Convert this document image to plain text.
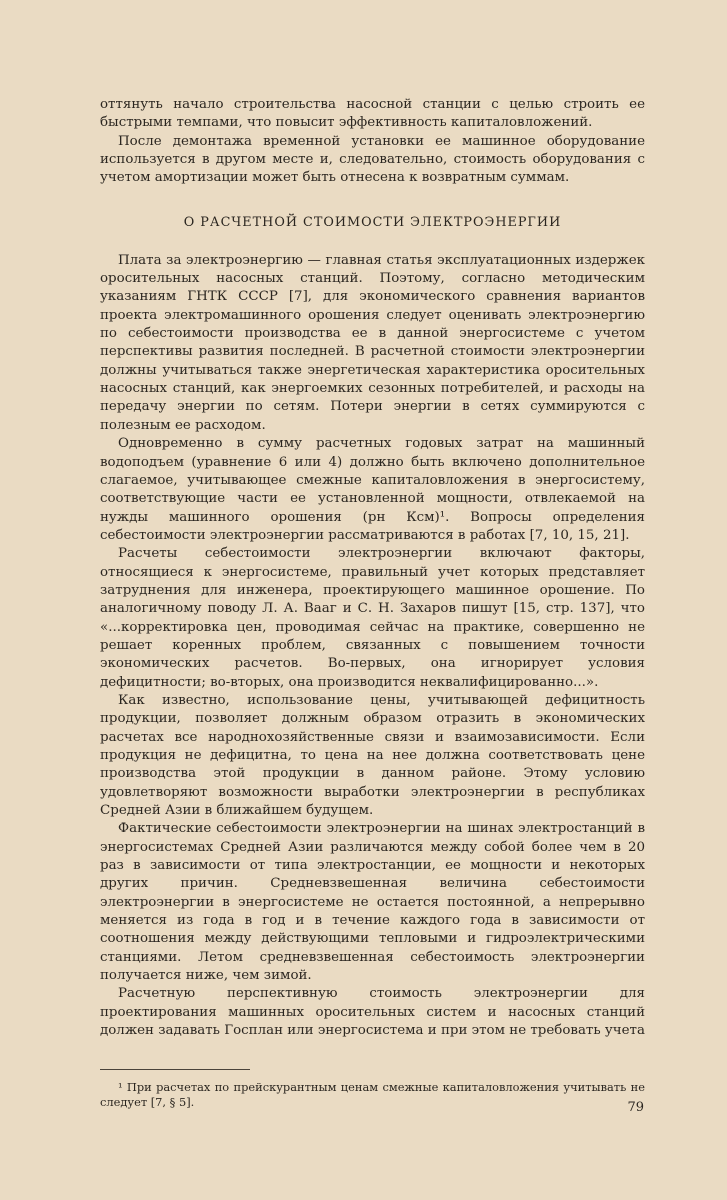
оттянуть начало строительства насосной станции с целью строить ее быстрыми темпами, что повысит эффективность капиталовложений.

После демонтажа временной установки ее машинное оборудование используется в другом месте и, следовательно, стоимость оборудования с учетом амортизации может быть отнесена к возвратным суммам.

О РАСЧЕТНОЙ СТОИМОСТИ ЭЛЕКТРОЭНЕРГИИ

Плата за электроэнергию — главная статья эксплуатационных издержек оросительных насосных станций. Поэтому, согласно методическим указаниям ГНТК СССР [7], для экономического сравнения вариантов проекта электромашинного орошения следует оценивать электроэнергию по себестоимости производства ее в данной энергосистеме с учетом перспективы развития последней. В расчетной стоимости электроэнергии должны учитываться также энергетическая характеристика оросительных насосных станций, как энергоемких сезонных потребителей, и расходы на передачу энергии по сетям. Потери энергии в сетях суммируются с полезным ее расходом.

Одновременно в сумму расчетных годовых затрат на машинный водоподъем (уравнение 6 или 4) должно быть включено дополнительное слагаемое, учитывающее смежные капиталовложения в энергосистему, соответствующие части ее установленной мощности, отвлекаемой на нужды машинного орошения (рн Ксм)¹. Вопросы определения себестоимости электроэнергии рассматриваются в работах [7, 10, 15, 21].

Расчеты себестоимости электроэнергии включают факторы, относящиеся к энергосистеме, правильный учет которых представляет затруднения для инженера, проектирующего машинное орошение. По аналогичному поводу Л. А. Вааг и С. Н. Захаров пишут [15, стр. 137], что «...корректировка цен, проводимая сейчас на практике, совершенно не решает коренных проблем, связанных с повышением точности экономических расчетов. Во-первых, она игнорирует условия дефицитности; во-вторых, она производится неквалифицированно...».

Как известно, использование цены, учитывающей дефицитность продукции, позволяет должным образом отразить в экономических расчетах все народнохозяйственные связи и взаимозависимости. Если продукция не дефицитна, то цена на нее должна соответствовать цене производства этой продукции в данном районе. Этому условию удовлетворяют возможности выработки электроэнергии в республиках Средней Азии в ближайшем будущем.

Фактические себестоимости электроэнергии на шинах электростанций в энергосистемах Средней Азии различаются между собой более чем в 20 раз в зависимости от типа электростанции, ее мощности и некоторых других причин. Средневзвешенная величина себестоимости электроэнергии в энергосистеме не остается постоянной, а непрерывно меняется из года в год и в течение каждого года в зависимости от соотношения между действующими тепловыми и гидроэлектрическими станциями. Летом средневзвешенная себестоимость электроэнергии получается ниже, чем зимой.

Расчетную перспективную стоимость электроэнергии для проектирования машинных оросительных систем и насосных станций должен задавать Госплан или энергосистема и при этом не требовать учета

¹ При расчетах по прейскурантным ценам смежные капиталовложения учитывать не следует [7, § 5].	79
